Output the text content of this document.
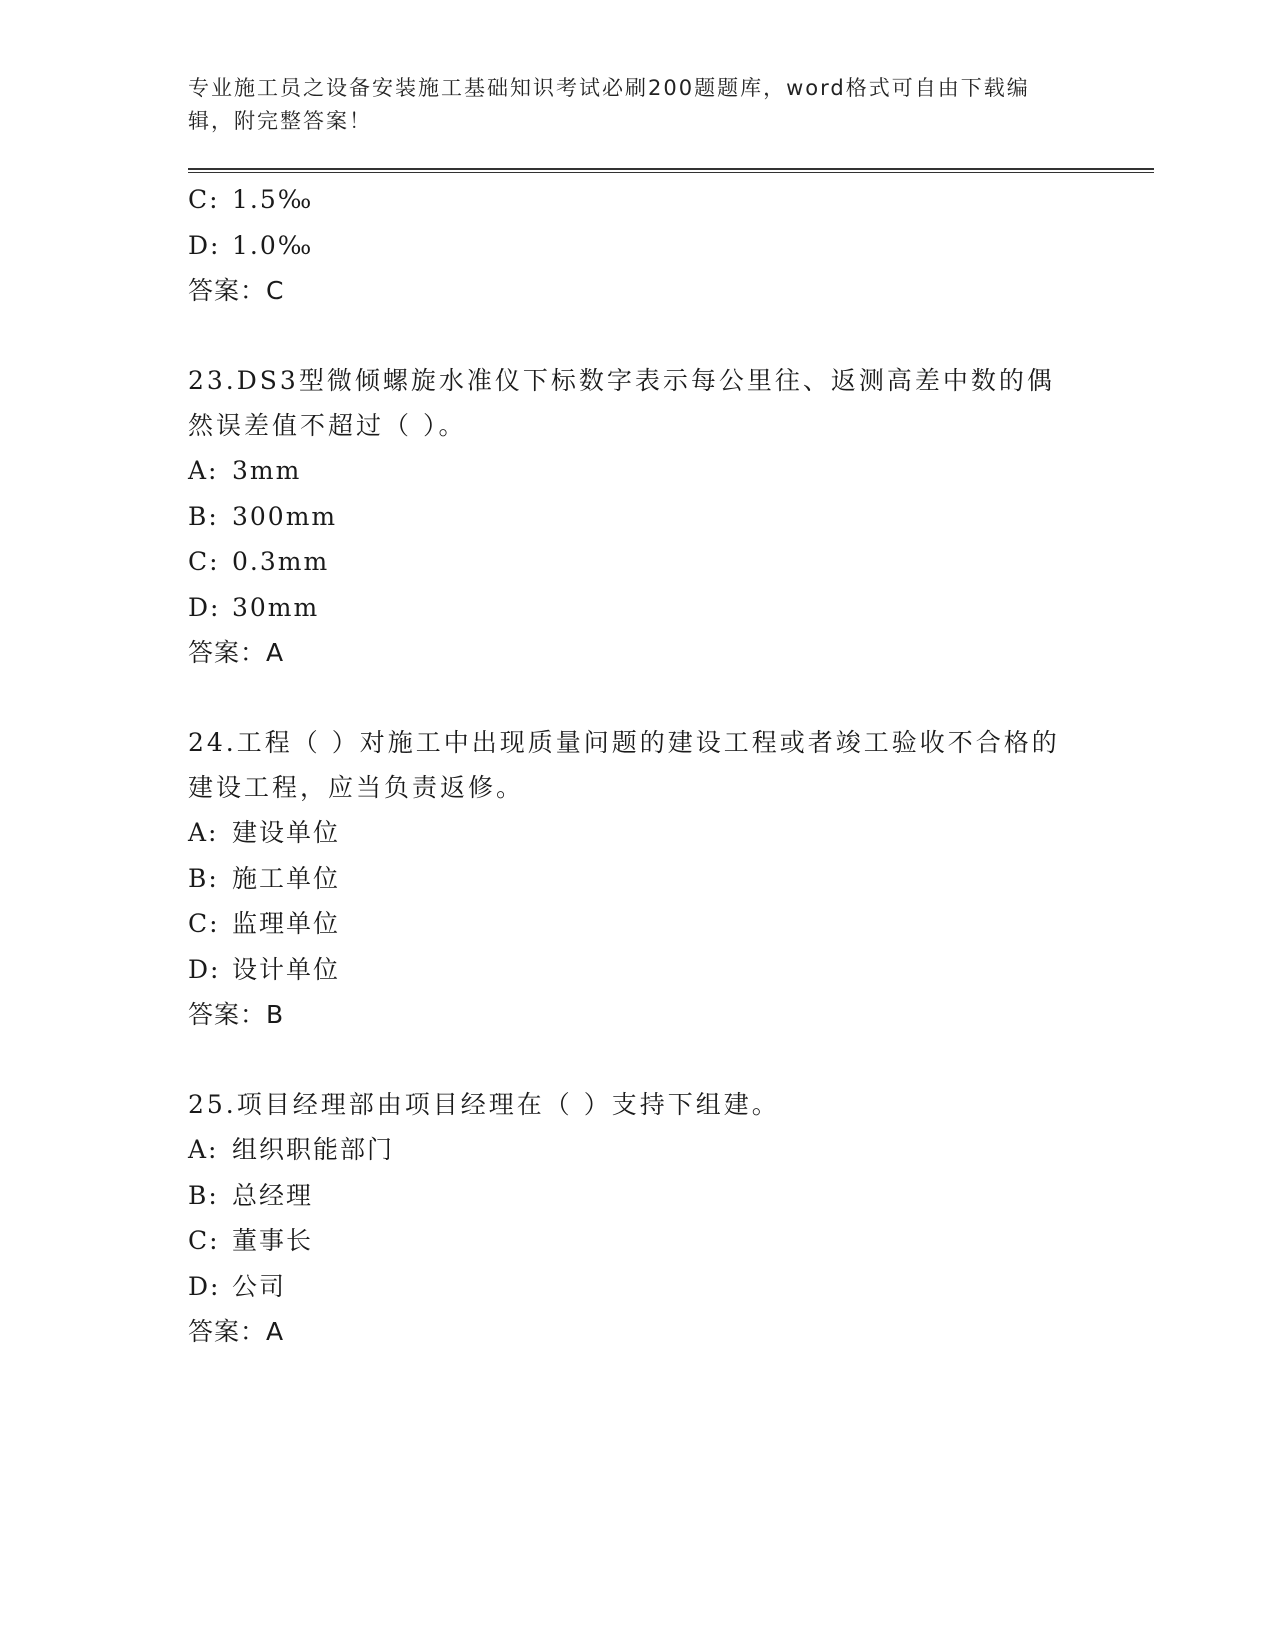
专业施工员之设备安装施工基础知识考试必刷200题题库，word格式可自由下载编辑，附完整答案！

C: 1.5‰
D: 1.0‰
答案：C

23.DS3型微倾螺旋水准仪下标数字表示每公里往、返测高差中数的偶然误差值不超过（ ）。

A: 3mm
B: 300mm
C: 0.3mm
D: 30mm
答案：A

24.工程（ ）对施工中出现质量问题的建设工程或者竣工验收不合格的建设工程，应当负责返修。

A: 建设单位
B: 施工单位
C: 监理单位
D: 设计单位
答案：B

25.项目经理部由项目经理在（ ）支持下组建。

A: 组织职能部门
B: 总经理
C: 董事长
D: 公司
答案：A
